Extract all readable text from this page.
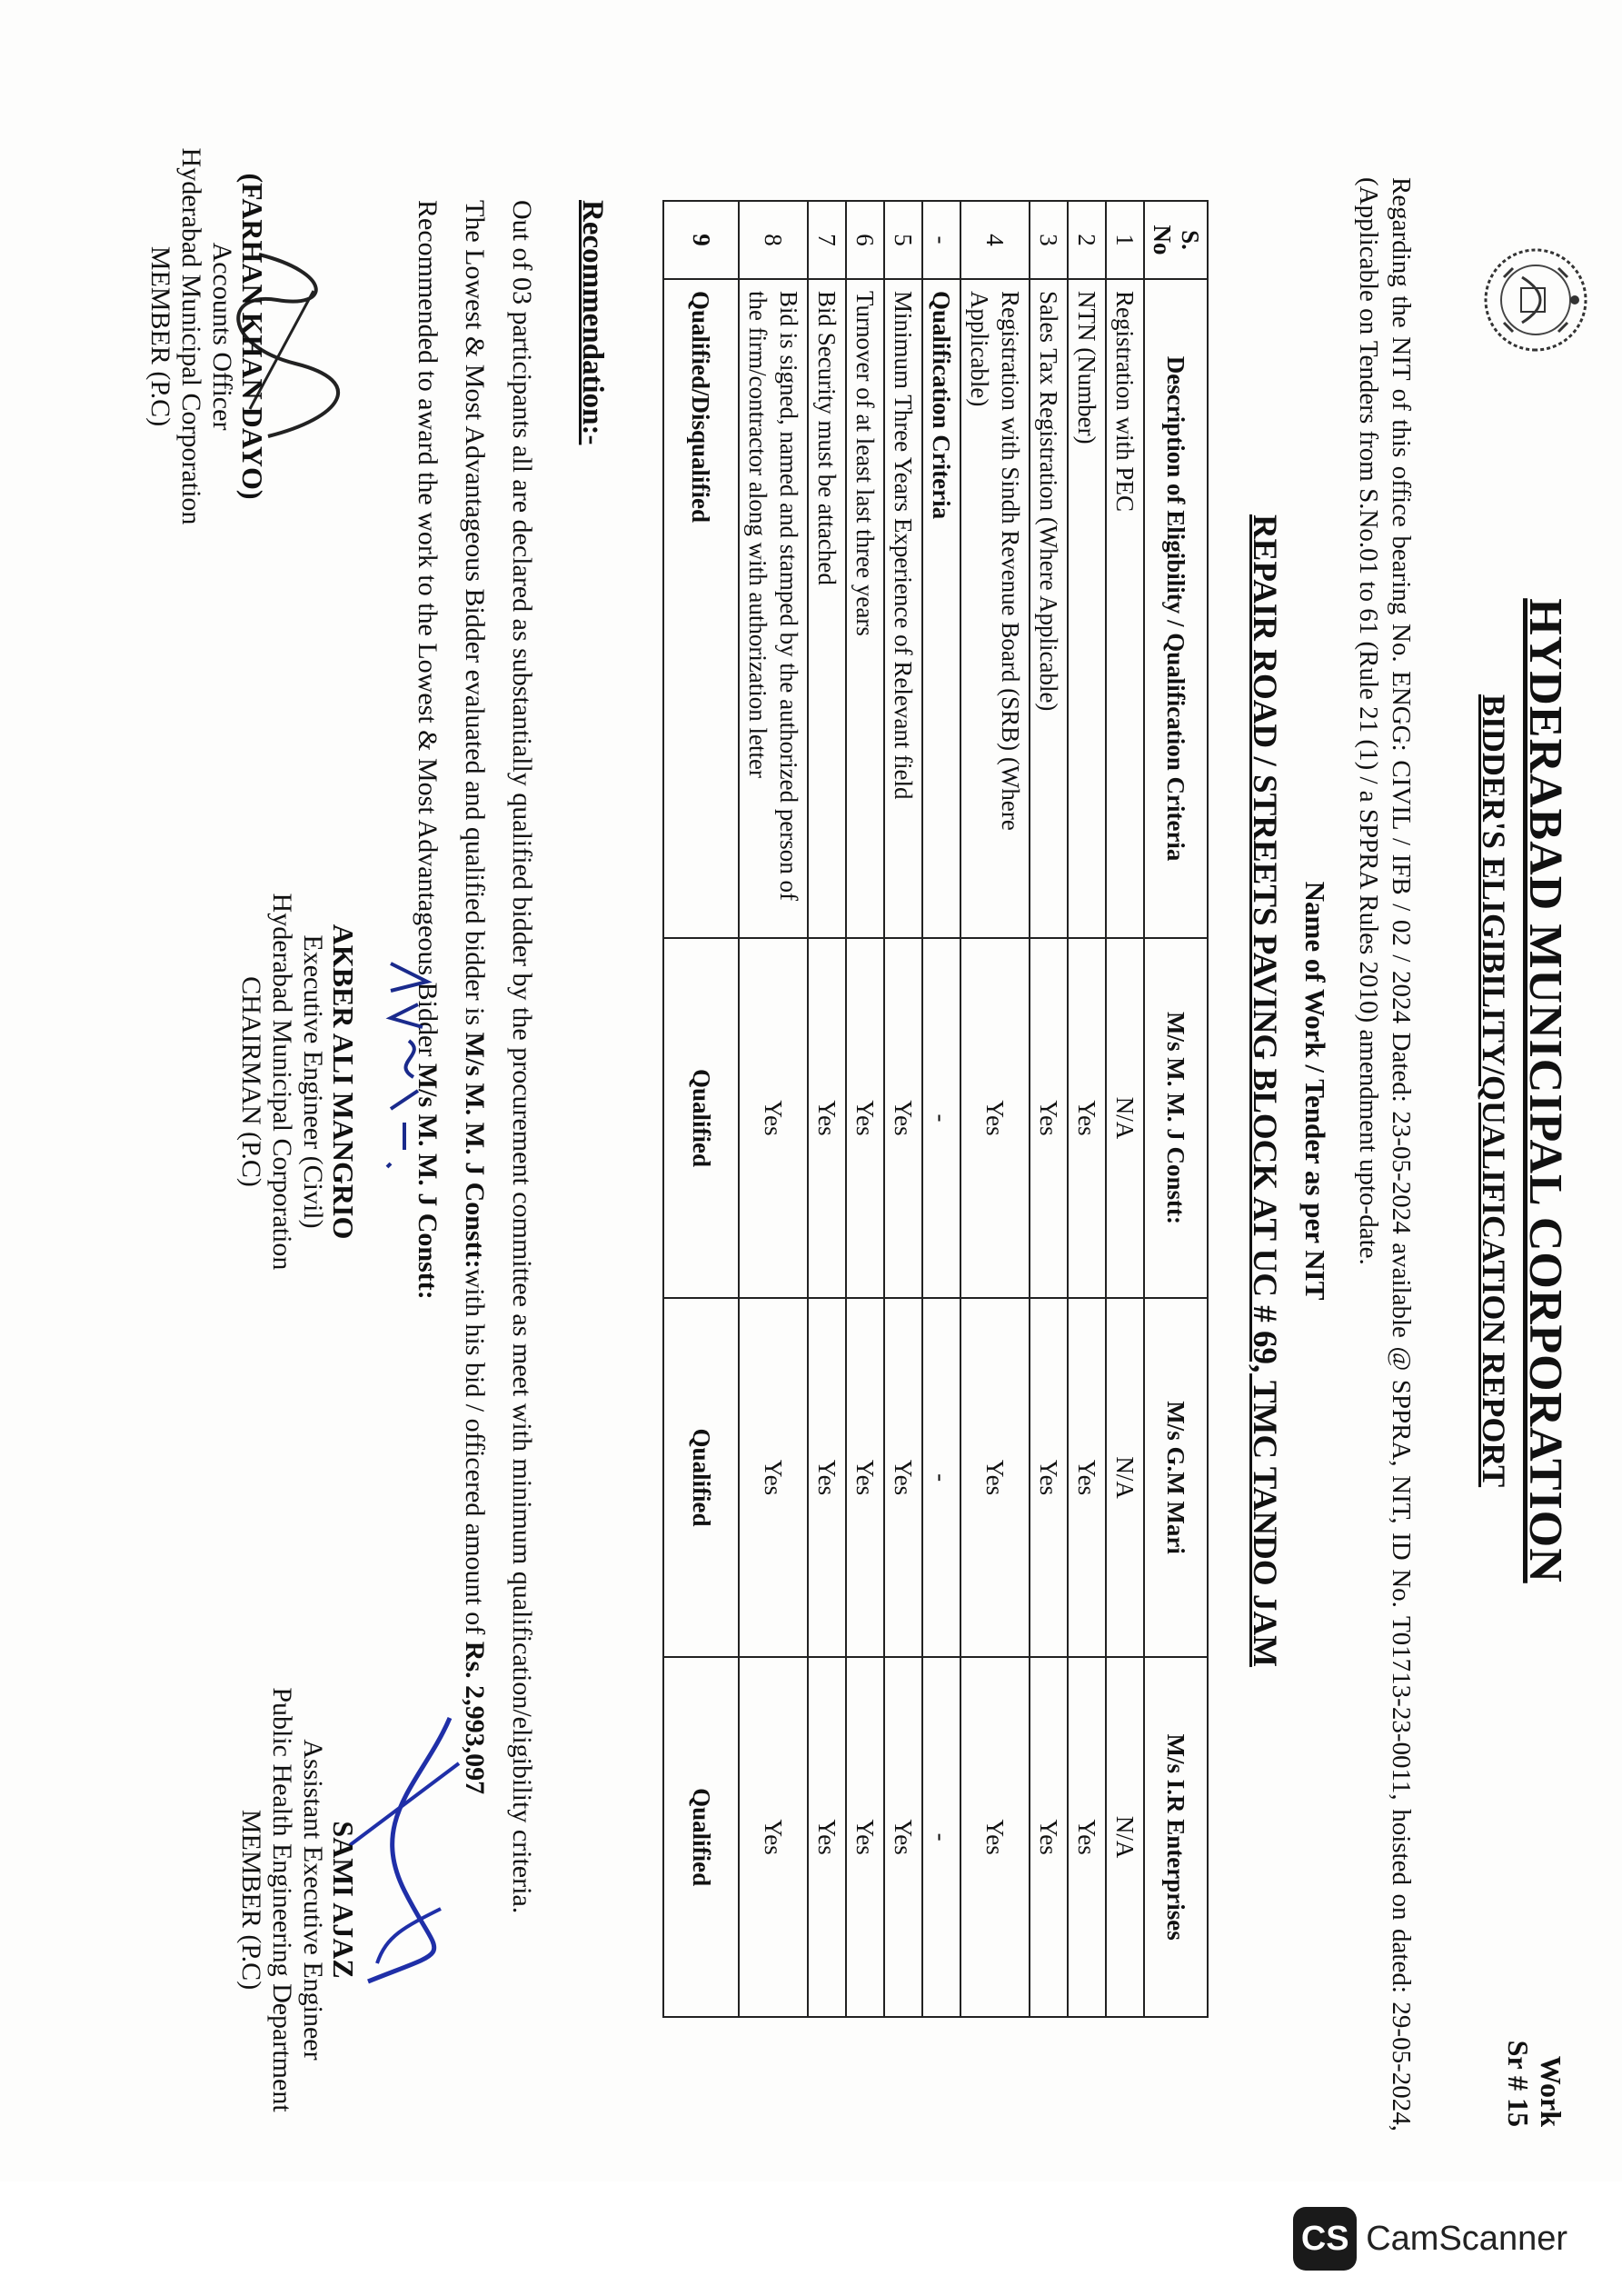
Work
Sr # 15
HYDERABAD MUNICIPAL CORPORATION
BIDDER'S ELIGIBILITY/QUALIFICATION REPORT
Regarding the NIT of this office bearing No. ENGG: CIVIL / IFB / 02 / 2024 Dated: 23-05-2024 available @ SPPRA, NIT, ID No. T01713-23-0011, hoisted on dated: 29-05-2024, (Applicable on Tenders from S.No.01 to 61 (Rule 21 (1) / a SPPRA Rules 2010) amendment upto-date.
Name of Work / Tender as per NIT
REPAIR ROAD / STREETS PAVING BLOCK AT UC # 69, TMC TANDO JAM
S. No	Description of Eligibility / Qualification Criteria	M/s M. M. J Constt:	M/s G.M Mari	M/s I.R Enterprises
1	Registration with PEC	N/A	N/A	N/A
2	NTN (Number)	Yes	Yes	Yes
3	Sales Tax Registration (Where Applicable)	Yes	Yes	Yes
4	Registration with Sindh Revenue Board (SRB) (Where Applicable)	Yes	Yes	Yes
-	Qualification Criteria	-	-	-
5	Minimum Three Years Experience of Relevant field	Yes	Yes	Yes
6	Turnover of at least last three years	Yes	Yes	Yes
7	Bid Security must be attached	Yes	Yes	Yes
8	Bid is signed, named and stamped by the authorized person of the firm/contractor along with authorization letter	Yes	Yes	Yes
9	Qualified/Disqualified	Qualified	Qualified	Qualified
Recommendation:-
Out of 03 participants all are declared as substantially qualified bidder by the procurement committee as meet with minimum qualification/eligibility criteria.
The Lowest & Most Advantageous Bidder evaluated and qualified bidder is M/s M. M. J Constt:with his bid / officered amount of Rs. 2,993,097
Recommended to award the work to the Lowest & Most Advantageous Bidder M/s M. M. J Constt:
(FARHAN KHAN DAYO)
Accounts Officer
Hyderabad Municipal Corporation
MEMBER (P.C)
AKBER ALI MANGRIO
Executive Engineer (Civil)
Hyderabad Municipal Corporation
CHAIRMAN (P.C)
SAMI AJAZ
Assistant Executive Engineer
Public Health Engineering Department
MEMBER (P.C)
CS CamScanner
